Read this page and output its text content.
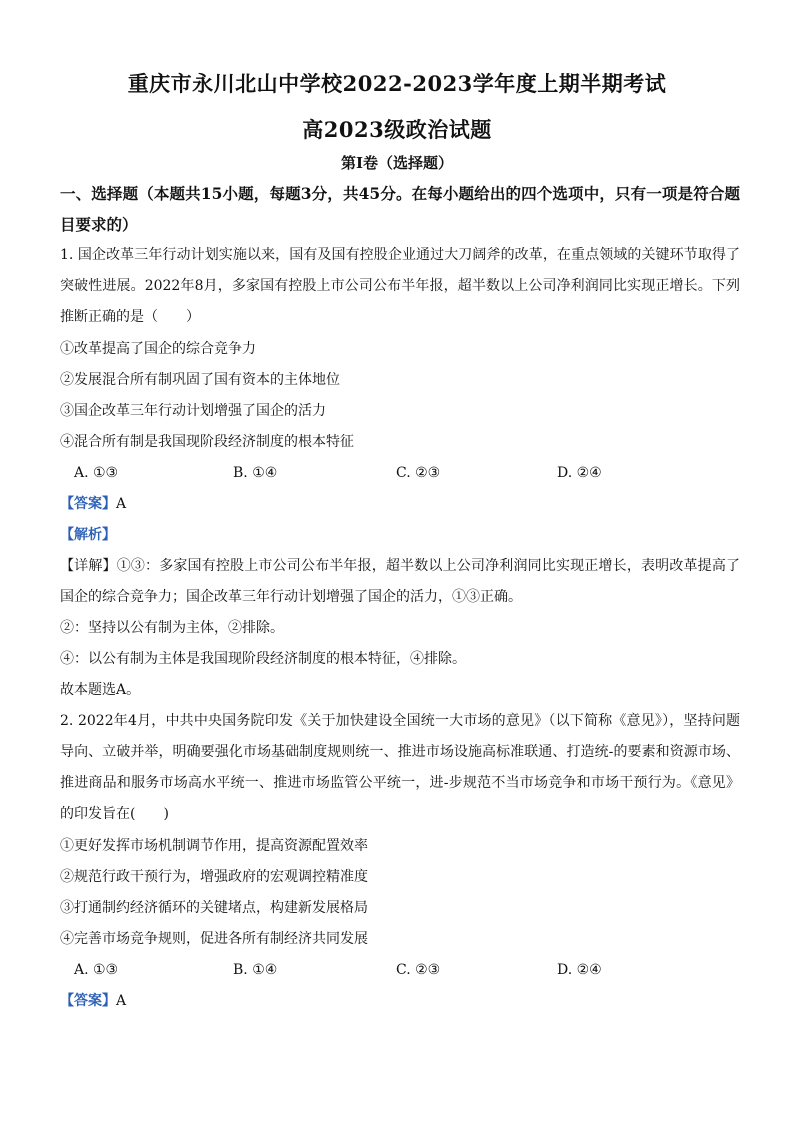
重庆市永川北山中学校2022-2023学年度上期半期考试
高2023级政治试题
第Ⅰ卷（选择题）
一、选择题（本题共15小题，每题3分，共45分。在每小题给出的四个选项中，只有一项是符合题目要求的）
1. 国企改革三年行动计划实施以来，国有及国有控股企业通过大刀阔斧的改革，在重点领域的关键环节取得了突破性进展。2022年8月，多家国有控股上市公司公布半年报，超半数以上公司净利润同比实现正增长。下列推断正确的是（　　）
①改革提高了国企的综合竞争力
②发展混合所有制巩固了国有资本的主体地位
③国企改革三年行动计划增强了国企的活力
④混合所有制是我国现阶段经济制度的根本特征
A. ①③	B. ①④	C. ②③	D. ②④
【答案】A
【解析】
【详解】①③：多家国有控股上市公司公布半年报，超半数以上公司净利润同比实现正增长，表明改革提高了国企的综合竞争力；国企改革三年行动计划增强了国企的活力，①③正确。
②：坚持以公有制为主体，②排除。
④：以公有制为主体是我国现阶段经济制度的根本特征，④排除。
故本题选A。
2. 2022年4月，中共中央国务院印发《关于加快建设全国统一大市场的意见》（以下简称《意见》），坚持问题导向、立破并举，明确要强化市场基础制度规则统一、推进市场设施高标准联通、打造统-的要素和资源市场、推进商品和服务市场高水平统一、推进市场监管公平统一，进-步规范不当市场竞争和市场干预行为。《意见》的印发旨在(　　)
①更好发挥市场机制调节作用，提高资源配置效率
②规范行政干预行为，增强政府的宏观调控精准度
③打通制约经济循环的关键堵点，构建新发展格局
④完善市场竞争规则，促进各所有制经济共同发展
A. ①③	B. ①④	C. ②③	D. ②④
【答案】A
